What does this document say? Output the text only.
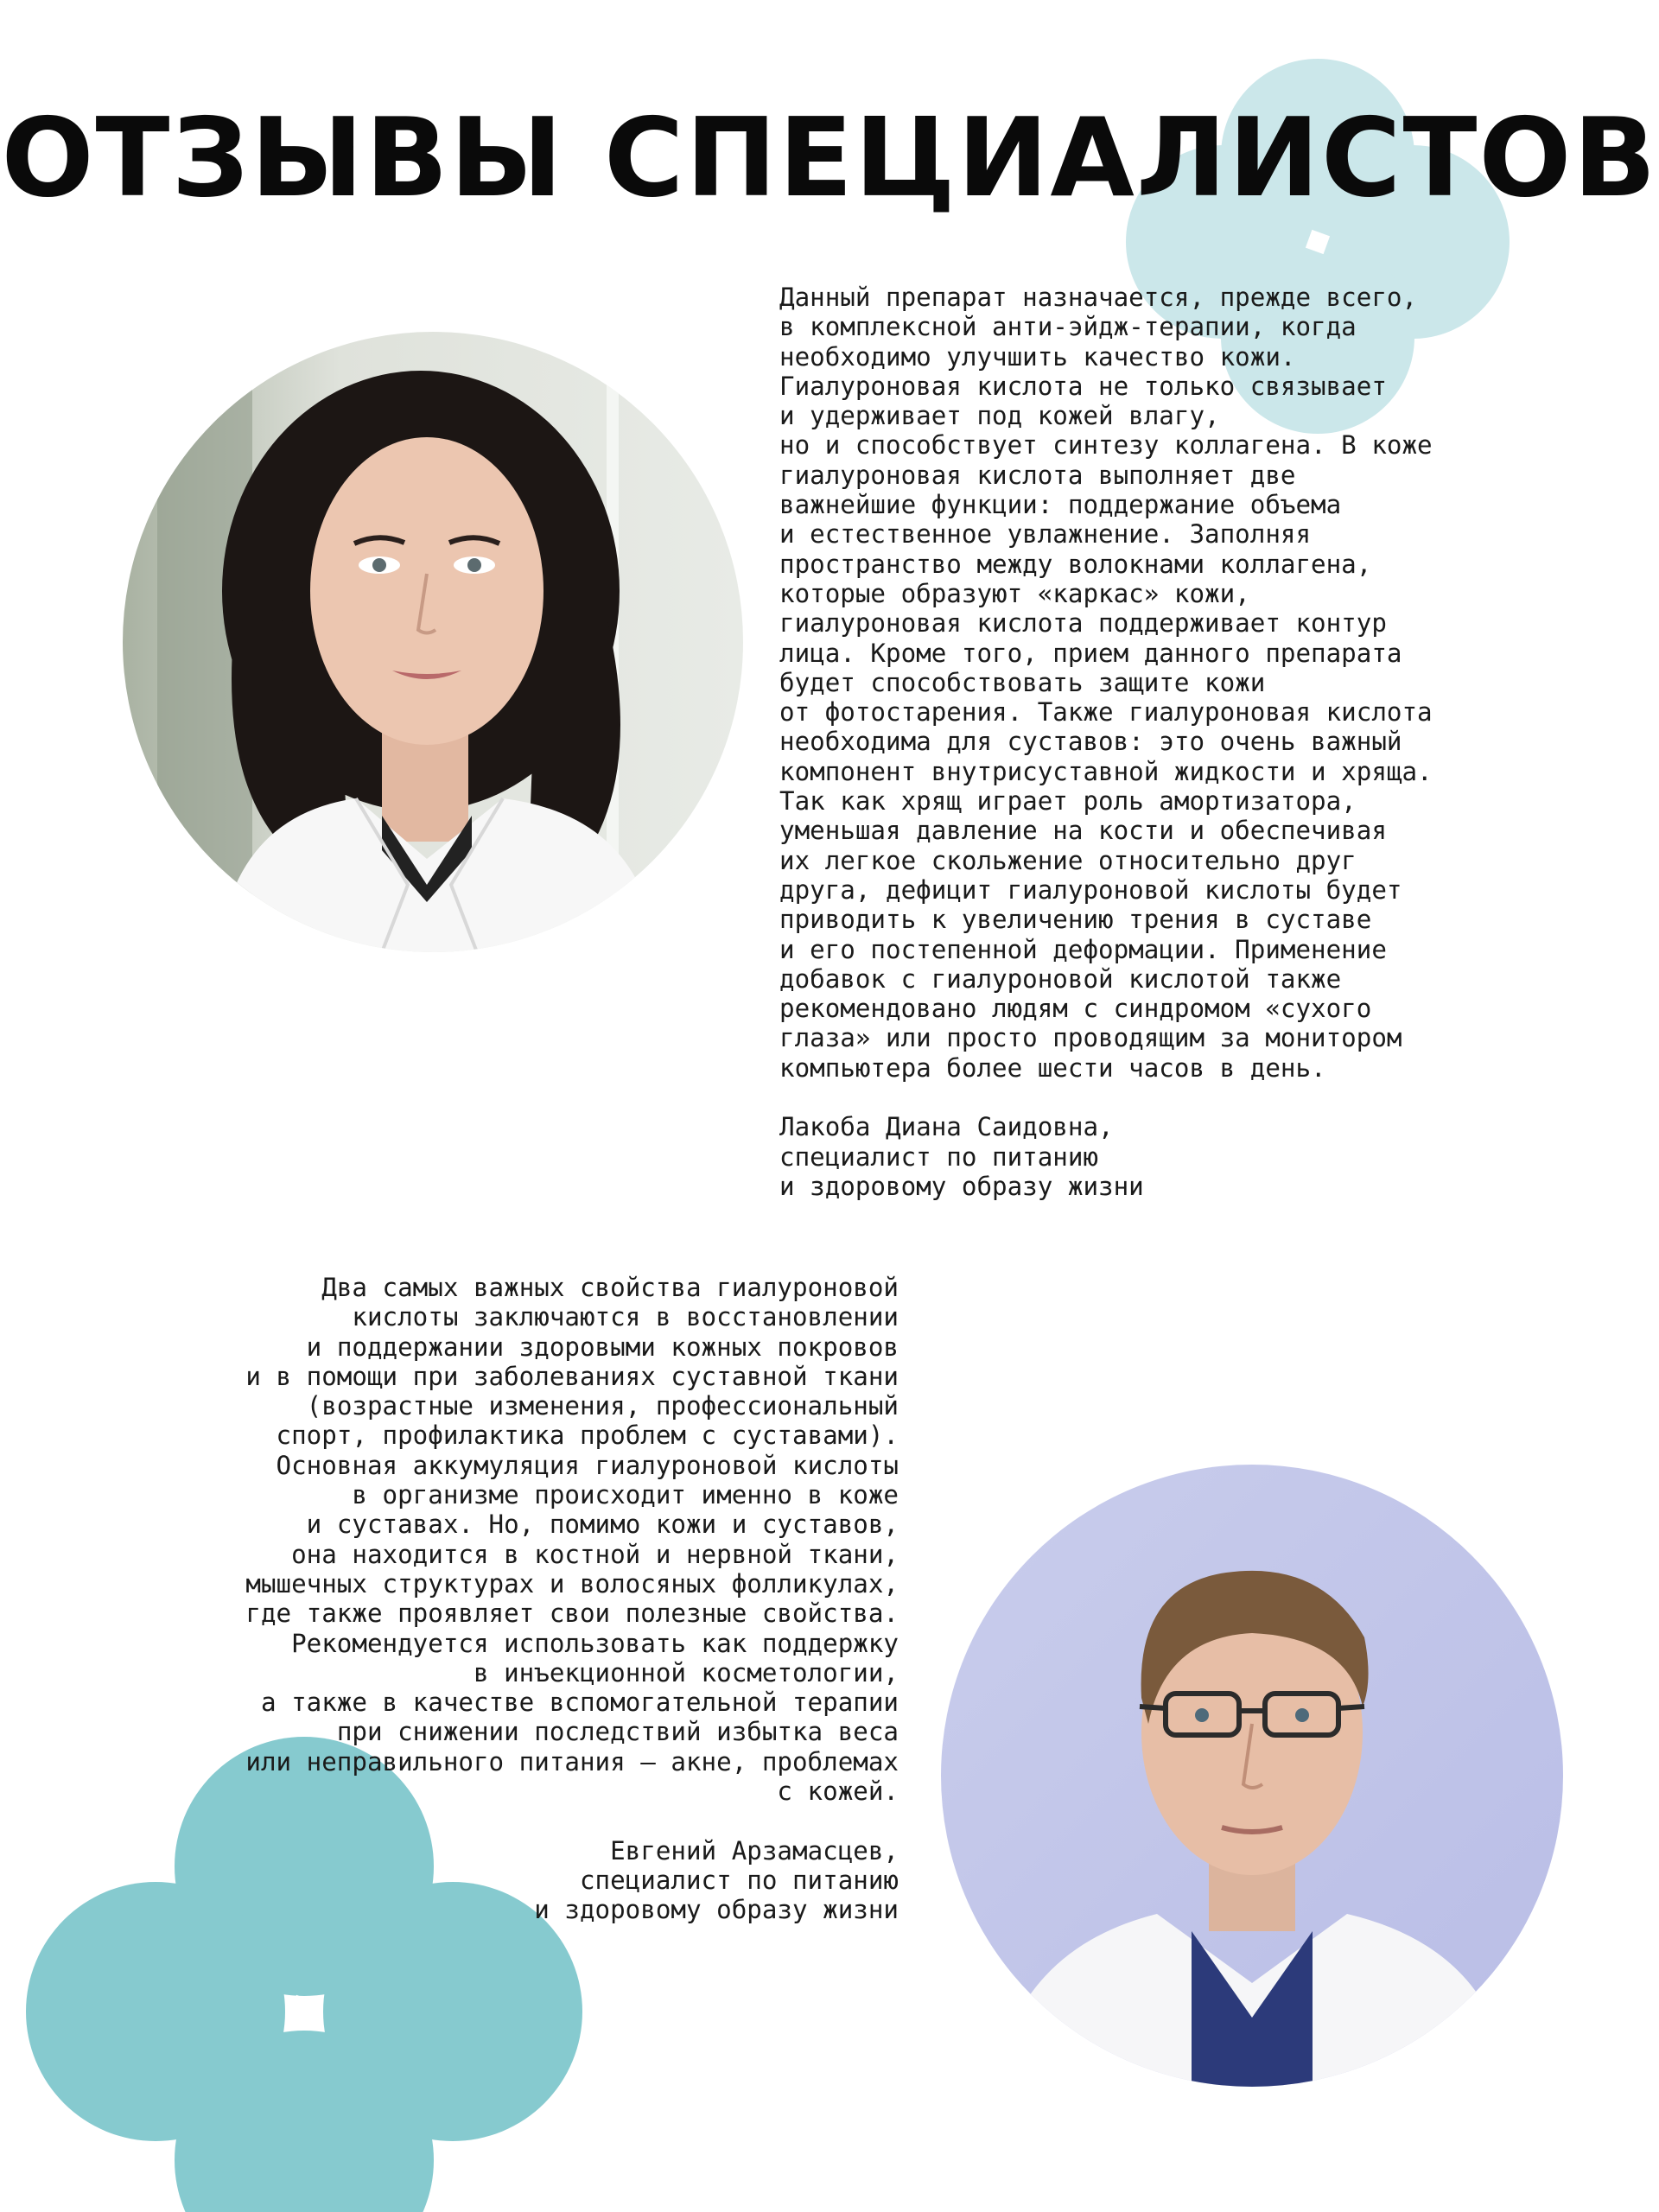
ОТЗЫВЫ СПЕЦИАЛИСТОВ
Данный препарат назначается, прежде всего,
в комплексной анти-эйдж-терапии, когда
необходимо улучшить качество кожи.
Гиалуроновая кислота не только связывает
и удерживает под кожей влагу,
но и способствует синтезу коллагена. В коже
гиалуроновая кислота выполняет две
важнейшие функции: поддержание объема
и естественное увлажнение. Заполняя
пространство между волокнами коллагена,
которые образуют «каркас» кожи,
гиалуроновая кислота поддерживает контур
лица. Кроме того, прием данного препарата
будет способствовать защите кожи
от фотостарения. Также гиалуроновая кислота
необходима для суставов: это очень важный
компонент внутрисуставной жидкости и хряща.
Так как хрящ играет роль амортизатора,
уменьшая давление на кости и обеспечивая
их легкое скольжение относительно друг
друга, дефицит гиалуроновой кислоты будет
приводить к увеличению трения в суставе
и его постепенной деформации. Применение
добавок с гиалуроновой кислотой также
рекомендовано людям с синдромом «сухого
глаза» или просто проводящим за монитором
компьютера более шести часов в день.
Лакоба Диана Саидовна,
специалист по питанию
и здоровому образу жизни
Два самых важных свойства гиалуроновой
кислоты заключаются в восстановлении
и поддержании здоровыми кожных покровов
и в помощи при заболеваниях суставной ткани
(возрастные изменения, профессиональный
спорт, профилактика проблем с суставами).
Основная аккумуляция гиалуроновой кислоты
в организме происходит именно в коже
и суставах. Но, помимо кожи и суставов,
она находится в костной и нервной ткани,
мышечных структурах и волосяных фолликулах,
где также проявляет свои полезные свойства.
Рекомендуется использовать как поддержку
в инъекционной косметологии,
а также в качестве вспомогательной терапии
при снижении последствий избытка веса
или неправильного питания — акне, проблемах
с кожей.
Евгений Арзамасцев,
специалист по питанию
и здоровому образу жизни
